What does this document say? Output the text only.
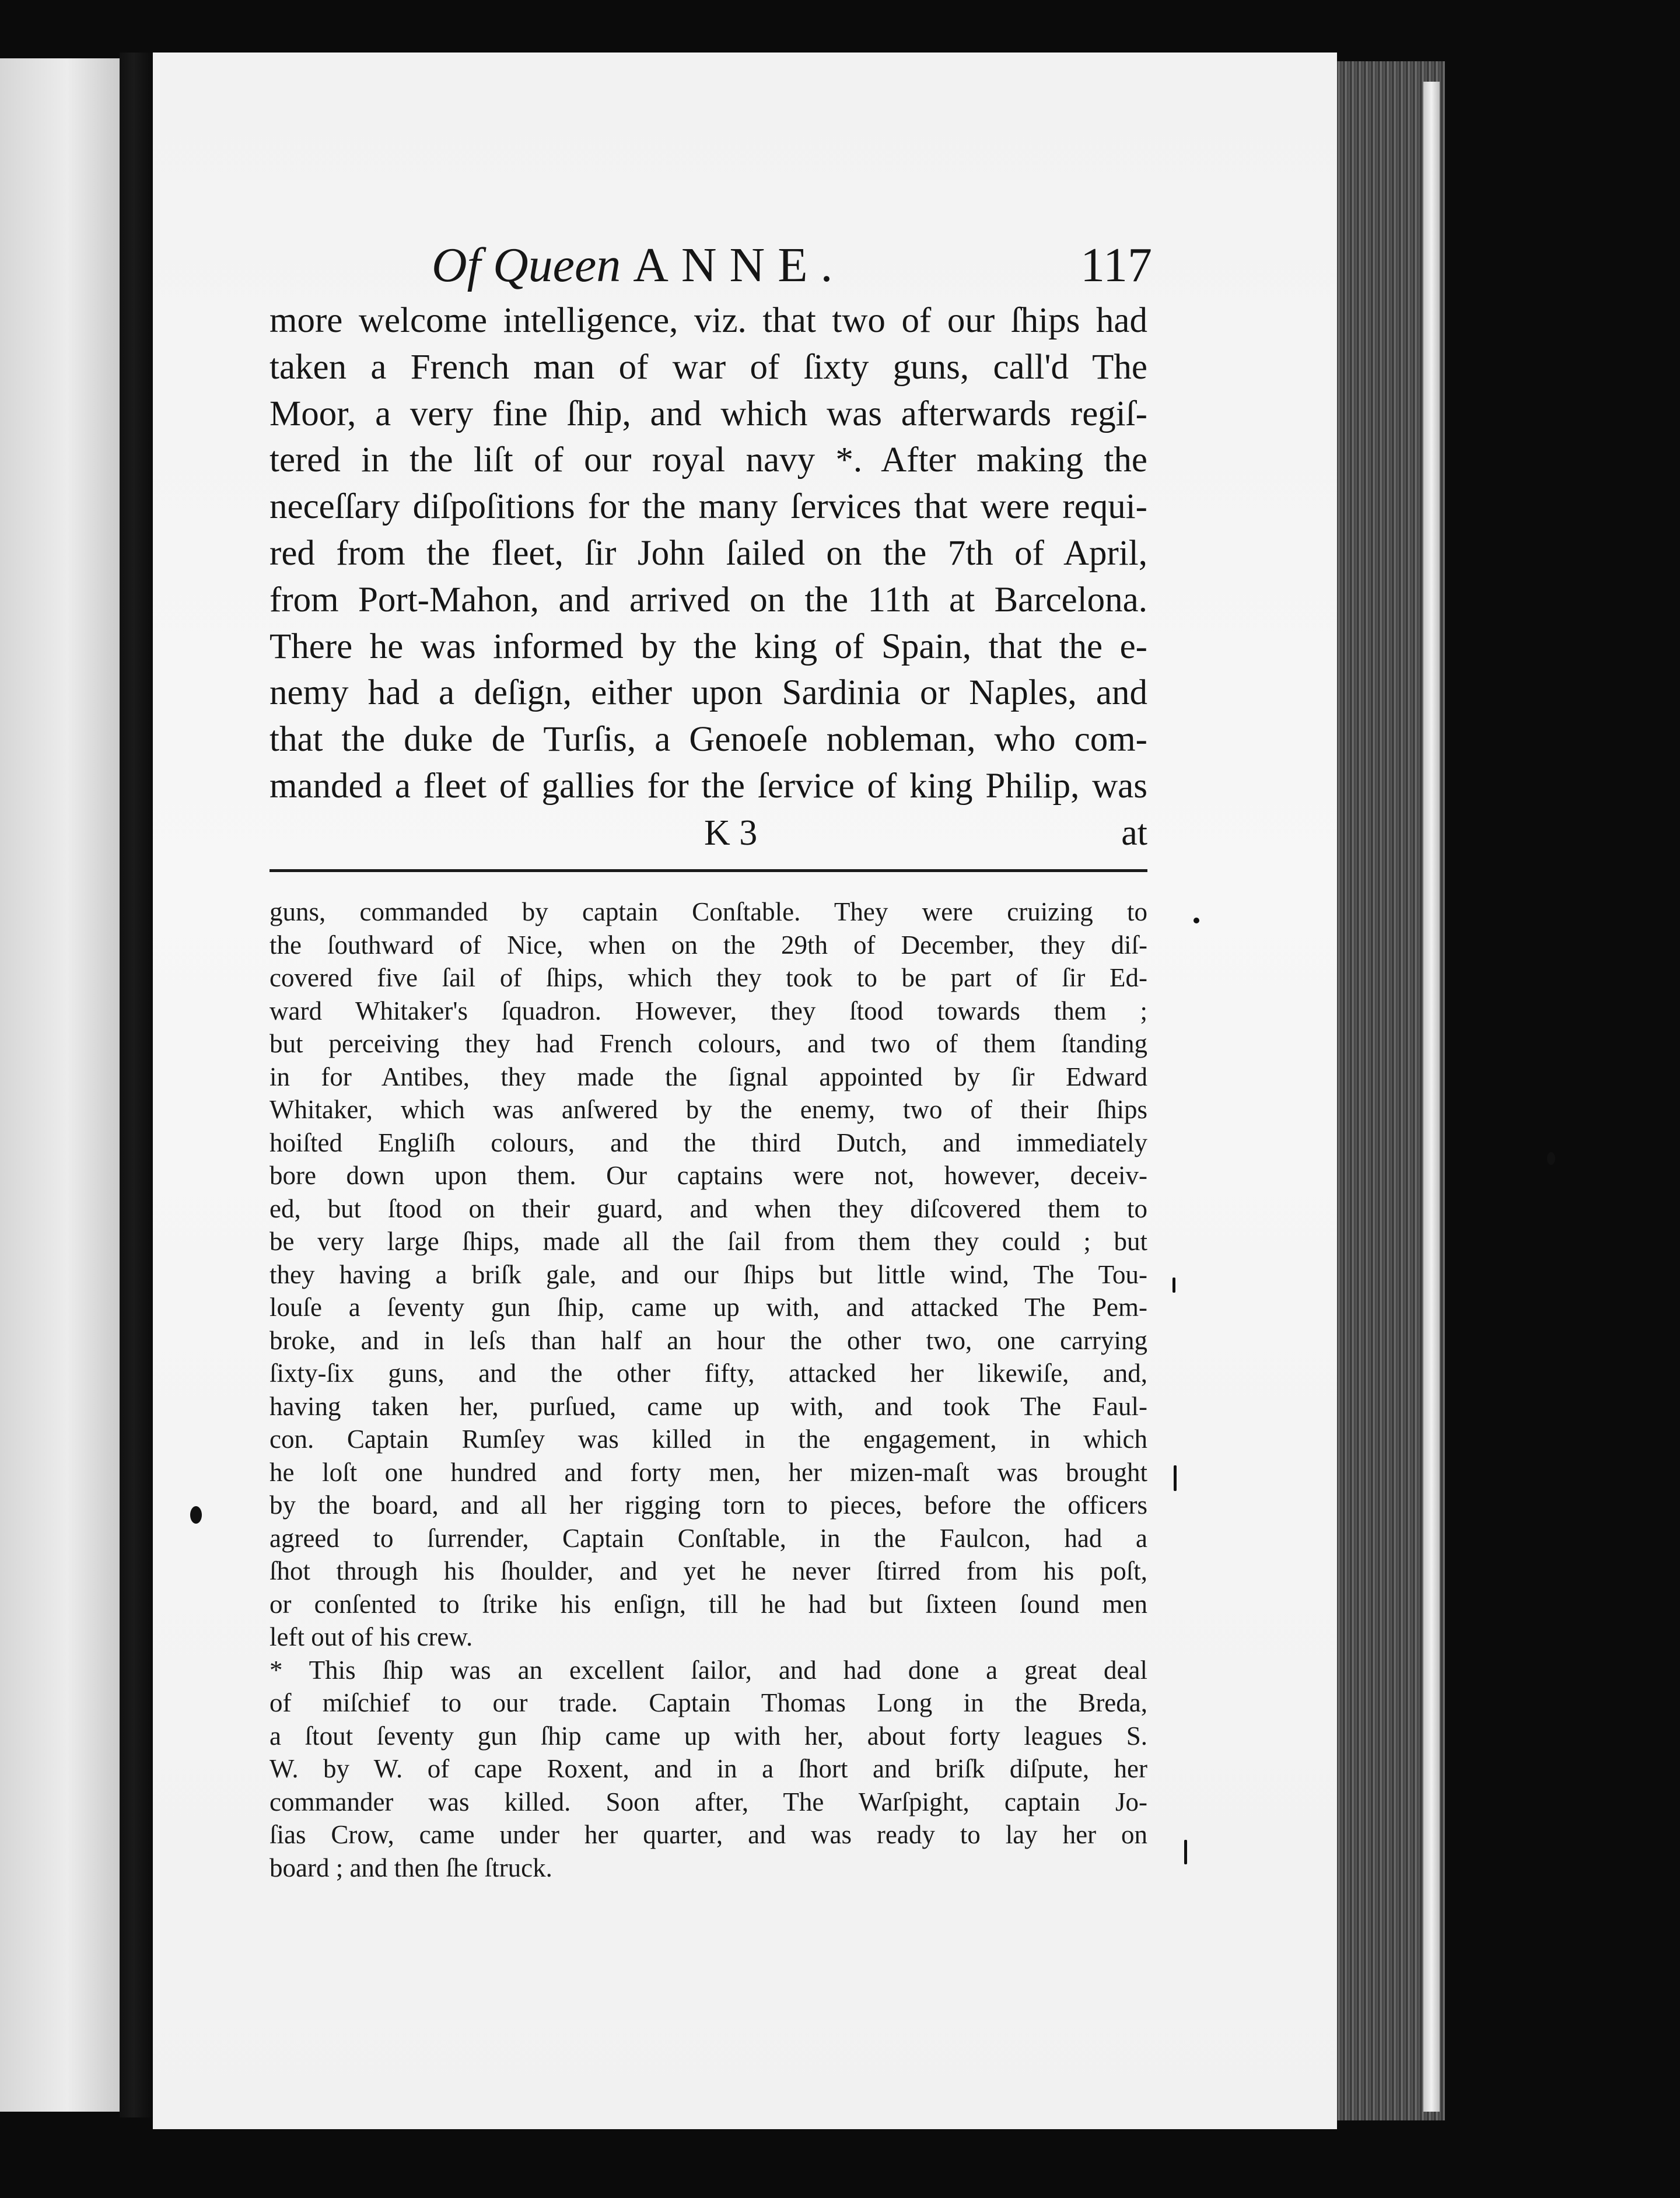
Of Queen ANNE.	117
more welcome intelligence, viz. that two of our ſhips had
taken a French man of war of ſixty guns, call'd The
Moor, a very fine ſhip, and which was afterwards regiſ-
tered in the liſt of our royal navy *. After making the
neceſſary diſpoſitions for the many ſervices that were requi-
red from the fleet, ſir John ſailed on the 7th of April,
from Port-Mahon, and arrived on the 11th at Barcelona.
There he was informed by the king of Spain, that the e-
nemy had a deſign, either upon Sardinia or Naples, and
that the duke de Turſis, a Genoeſe nobleman, who com-
manded a fleet of gallies for the ſervice of king Philip, was
K 3	at
guns, commanded by captain Conſtable. They were cruizing to
the ſouthward of Nice, when on the 29th of December, they diſ-
covered five ſail of ſhips, which they took to be part of ſir Ed-
ward Whitaker's ſquadron. However, they ſtood towards them ;
but perceiving they had French colours, and two of them ſtanding
in for Antibes, they made the ſignal appointed by ſir Edward
Whitaker, which was anſwered by the enemy, two of their ſhips
hoiſted Engliſh colours, and the third Dutch, and immediately
bore down upon them. Our captains were not, however, deceiv-
ed, but ſtood on their guard, and when they diſcovered them to
be very large ſhips, made all the ſail from them they could ; but
they having a briſk gale, and our ſhips but little wind, The Tou-
louſe a ſeventy gun ſhip, came up with, and attacked The Pem-
broke, and in leſs than half an hour the other two, one carrying
ſixty-ſix guns, and the other fifty, attacked her likewiſe, and,
having taken her, purſued, came up with, and took The Faul-
con. Captain Rumſey was killed in the engagement, in which
he loſt one hundred and forty men, her mizen-maſt was brought
by the board, and all her rigging torn to pieces, before the officers
agreed to ſurrender, Captain Conſtable, in the Faulcon, had a
ſhot through his ſhoulder, and yet he never ſtirred from his poſt,
or conſented to ſtrike his enſign, till he had but ſixteen ſound men
left out of his crew.
* This ſhip was an excellent ſailor, and had done a great deal
of miſchief to our trade. Captain Thomas Long in the Breda,
a ſtout ſeventy gun ſhip came up with her, about forty leagues S.
W. by W. of cape Roxent, and in a ſhort and briſk diſpute, her
commander was killed. Soon after, The Warſpight, captain Jo-
ſias Crow, came under her quarter, and was ready to lay her on
board ; and then ſhe ſtruck.
